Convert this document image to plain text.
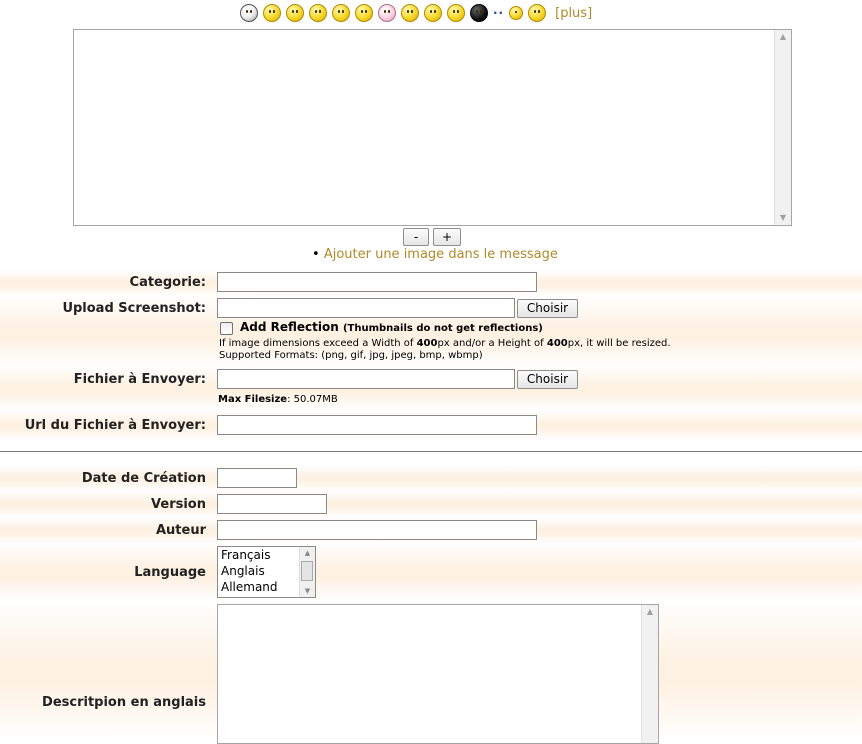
··	[plus]
▲
▼
-	+
• Ajouter une image dans le message
Categorie:
Upload Screenshot:	Choisir
Add Reflection (Thumbnails do not get reflections)
If image dimensions exceed a Width of 400px and/or a Height of 400px, it will be resized.
Supported Formats: (png, gif, jpg, jpeg, bmp, wbmp)
Fichier à Envoyer:	Choisir
Max Filesize: 50.07MB
Url du Fichier à Envoyer:
Date de Création
Version
Auteur
Language
Français
Anglais
Allemand
▲
▼
Descritpion en anglais
▲
